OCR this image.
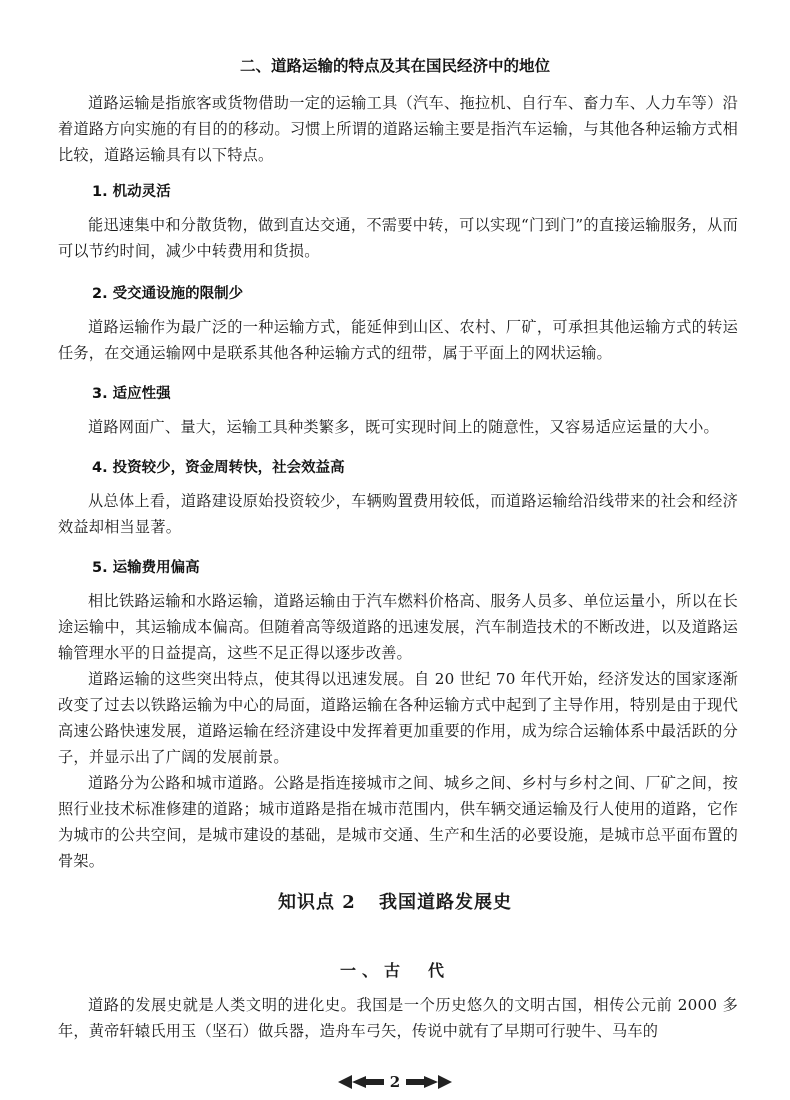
二、道路运输的特点及其在国民经济中的地位
道路运输是指旅客或货物借助一定的运输工具（汽车、拖拉机、自行车、畜力车、人力车等）沿着道路方向实施的有目的的移动。习惯上所谓的道路运输主要是指汽车运输，与其他各种运输方式相比较，道路运输具有以下特点。
1. 机动灵活
能迅速集中和分散货物，做到直达交通，不需要中转，可以实现“门到门”的直接运输服务，从而可以节约时间，减少中转费用和货损。
2. 受交通设施的限制少
道路运输作为最广泛的一种运输方式，能延伸到山区、农村、厂矿，可承担其他运输方式的转运任务，在交通运输网中是联系其他各种运输方式的纽带，属于平面上的网状运输。
3. 适应性强
道路网面广、量大，运输工具种类繁多，既可实现时间上的随意性，又容易适应运量的大小。
4. 投资较少，资金周转快，社会效益高
从总体上看，道路建设原始投资较少，车辆购置费用较低，而道路运输给沿线带来的社会和经济效益却相当显著。
5. 运输费用偏高
相比铁路运输和水路运输，道路运输由于汽车燃料价格高、服务人员多、单位运量小，所以在长途运输中，其运输成本偏高。但随着高等级道路的迅速发展，汽车制造技术的不断改进，以及道路运输管理水平的日益提高，这些不足正得以逐步改善。
道路运输的这些突出特点，使其得以迅速发展。自 20 世纪 70 年代开始，经济发达的国家逐渐改变了过去以铁路运输为中心的局面，道路运输在各种运输方式中起到了主导作用，特别是由于现代高速公路快速发展，道路运输在经济建设中发挥着更加重要的作用，成为综合运输体系中最活跃的分子，并显示出了广阔的发展前景。
道路分为公路和城市道路。公路是指连接城市之间、城乡之间、乡村与乡村之间、厂矿之间，按照行业技术标准修建的道路；城市道路是指在城市范围内，供车辆交通运输及行人使用的道路，它作为城市的公共空间，是城市建设的基础，是城市交通、生产和生活的必要设施，是城市总平面布置的骨架。
知识点 2 我国道路发展史
一、古　代
道路的发展史就是人类文明的进化史。我国是一个历史悠久的文明古国，相传公元前 2000 多年，黄帝轩辕氏用玉（坚石）做兵器，造舟车弓矢，传说中就有了早期可行驶牛、马车的
2
